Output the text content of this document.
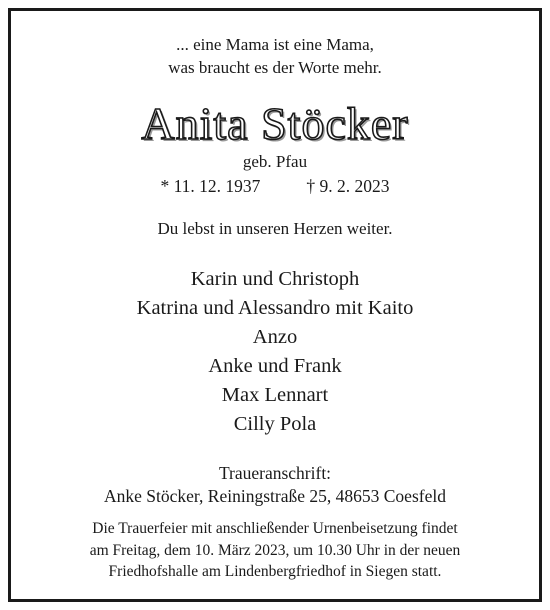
... eine Mama ist eine Mama,
was braucht es der Worte mehr.
Anita Stöcker
geb. Pfau
* 11. 12. 1937	† 9. 2. 2023
Du lebst in unseren Herzen weiter.
Karin und Christoph
Katrina und Alessandro mit Kaito
Anzo
Anke und Frank
Max Lennart
Cilly Pola
Traueranschrift:
Anke Stöcker, Reiningstraße 25, 48653 Coesfeld
Die Trauerfeier mit anschließender Urnenbeisetzung findet
am Freitag, dem 10. März 2023, um 10.30 Uhr in der neuen
Friedhofshalle am Lindenbergfriedhof in Siegen statt.
